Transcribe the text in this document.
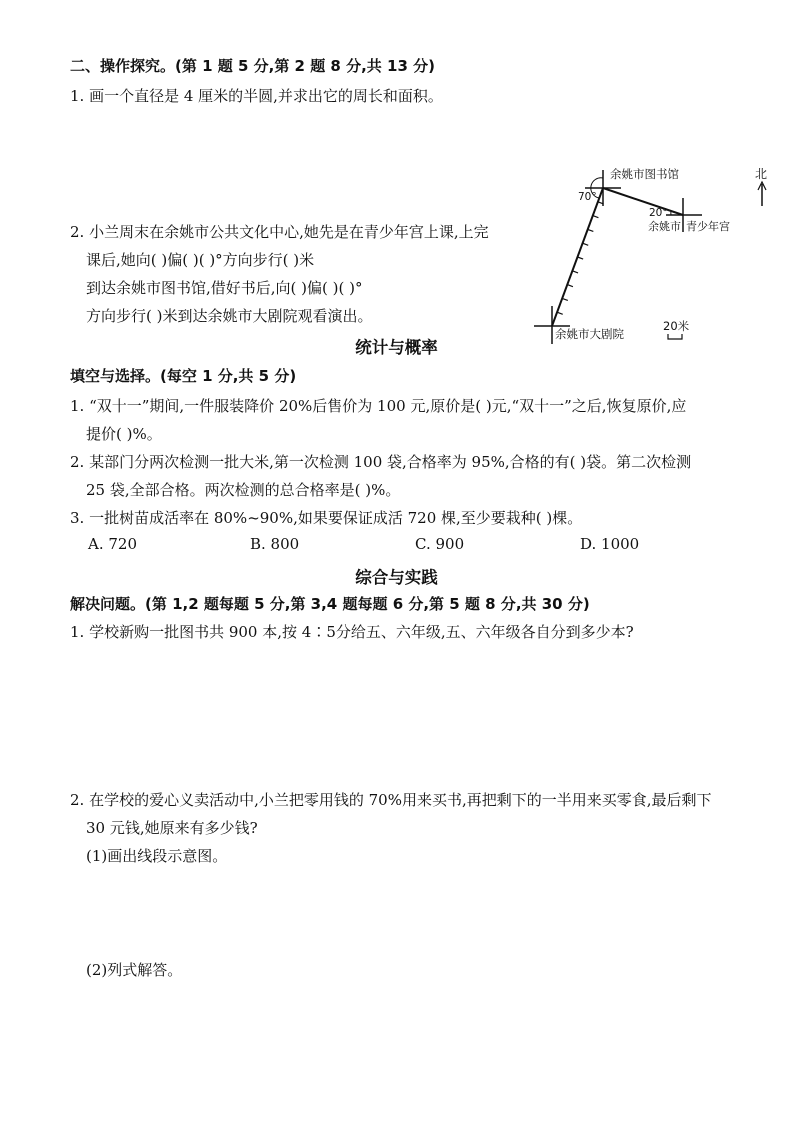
二、操作探究。(第 1 题 5 分,第 2 题 8 分,共 13 分)
1. 画一个直径是 4 厘米的半圆,并求出它的周长和面积。
2. 小兰周末在余姚市公共文化中心,她先是在青少年宫上课,上完
课后,她向( )偏( )( )°方向步行( )米
到达余姚市图书馆,借好书后,向( )偏( )( )°
方向步行( )米到达余姚市大剧院观看演出。
余姚市图书馆
70°
20°
余姚市 青少年宫
余姚市大剧院
北
20米
统计与概率
填空与选择。(每空 1 分,共 5 分)
1. “双十一”期间,一件服装降价 20%后售价为 100 元,原价是( )元,“双十一”之后,恢复原价,应
提价( )%。
2. 某部门分两次检测一批大米,第一次检测 100 袋,合格率为 95%,合格的有( )袋。第二次检测
25 袋,全部合格。两次检测的总合格率是( )%。
3. 一批树苗成活率在 80%~90%,如果要保证成活 720 棵,至少要栽种( )棵。
A. 720	B. 800	C. 900	D. 1000
综合与实践
解决问题。(第 1,2 题每题 5 分,第 3,4 题每题 6 分,第 5 题 8 分,共 30 分)
1. 学校新购一批图书共 900 本,按 4∶5分给五、六年级,五、六年级各自分到多少本?
2. 在学校的爱心义卖活动中,小兰把零用钱的 70%用来买书,再把剩下的一半用来买零食,最后剩下
30 元钱,她原来有多少钱?
(1)画出线段示意图。
(2)列式解答。
